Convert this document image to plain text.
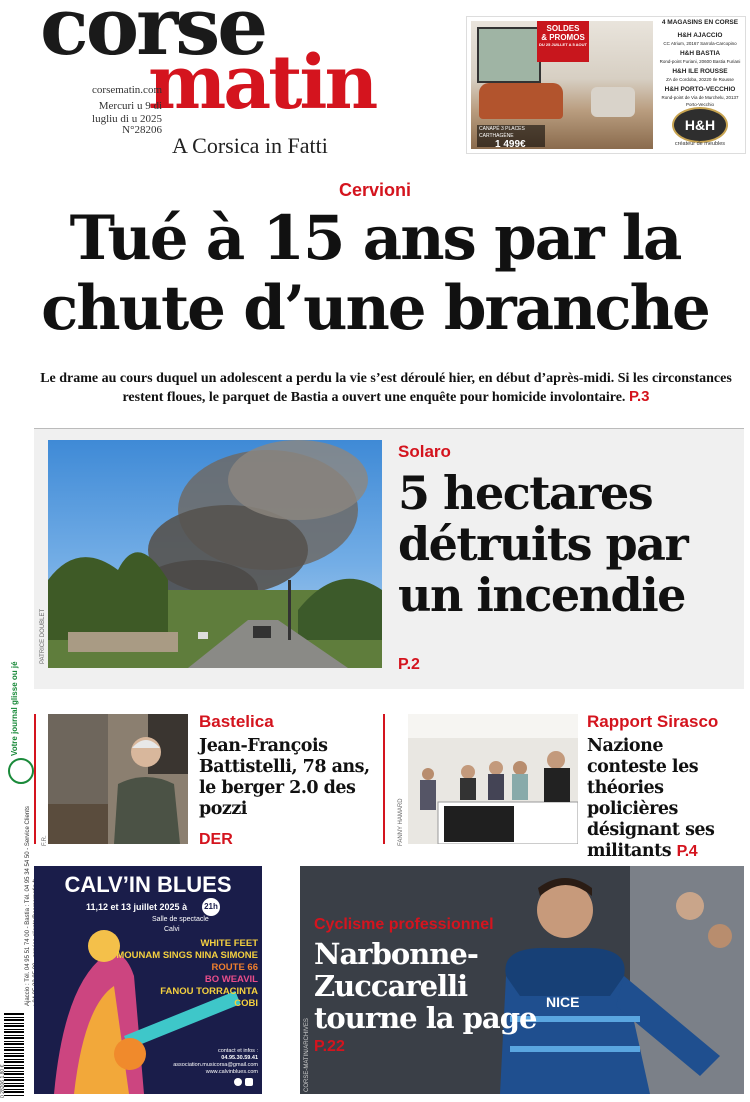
corse
matin
A Corsica in Fatti
corsematin.com
Mercuri u 9 di lugliu di u 2025
N°28206
SOLDES
& PROMOS
DU 25 JUILLET A 5 AOUT
CANAPÉ 3 PLACES CARTHAGÈNE
1 499€
4 MAGASINS EN CORSE
H&H AJACCIO
CC Atrium, 20167 Sarrola-Carcopino
H&H BASTIA
Rond-point Furiani, 20600 Bastia Furiani
H&H ILE ROUSSE
ZA de Cordoba, 20220 Ile Rousse
H&H PORTO-VECCHIO
Rond-point de Via de Murchelu, 20137 Porto-Vecchio
H&H
créateur de meubles
Cervioni
Tué à 15 ans par la chute d’une branche
Le drame au cours duquel un adolescent a perdu la vie s’est déroulé hier, en début d’après-midi. Si les circonstances restent floues, le parquet de Bastia a ouvert une enquête pour homicide involontaire. P.3
PATRICE DOUBLET
Solaro
5 hectares détruits par un incendie
P.2
F.R.
Bastelica
Jean-François Battistelli, 78 ans, le berger 2.0 des pozzi
DER	FANNY HAMARD
Rapport Sirasco
Nazione conteste les théories policières désignant ses militants P.4
Votre journal glisse ou jé
Ajaccio : Tél. 04 95 51 74 00 - Bastia : Tél. 04 95 34 54 50 - Service Clients
0 28206 1.80 €
CALV’IN BLUES
11,12 et 13 juillet 2025 à 21h
Salle de spectacle
Calvi
WHITE FEET
MOUNAM SINGS NINA SIMONE
ROUTE 66
BO WEAVIL
FANOU TORRACINTA
COBI
contact et infos :
04.95.30.59.41
association.musicorsa@gmail.com
www.calvinblues.com
NICE
Cyclisme professionnel
Narbonne-Zuccarelli tourne la page
P.22
CORSE-MATIN/ARCHIVES
